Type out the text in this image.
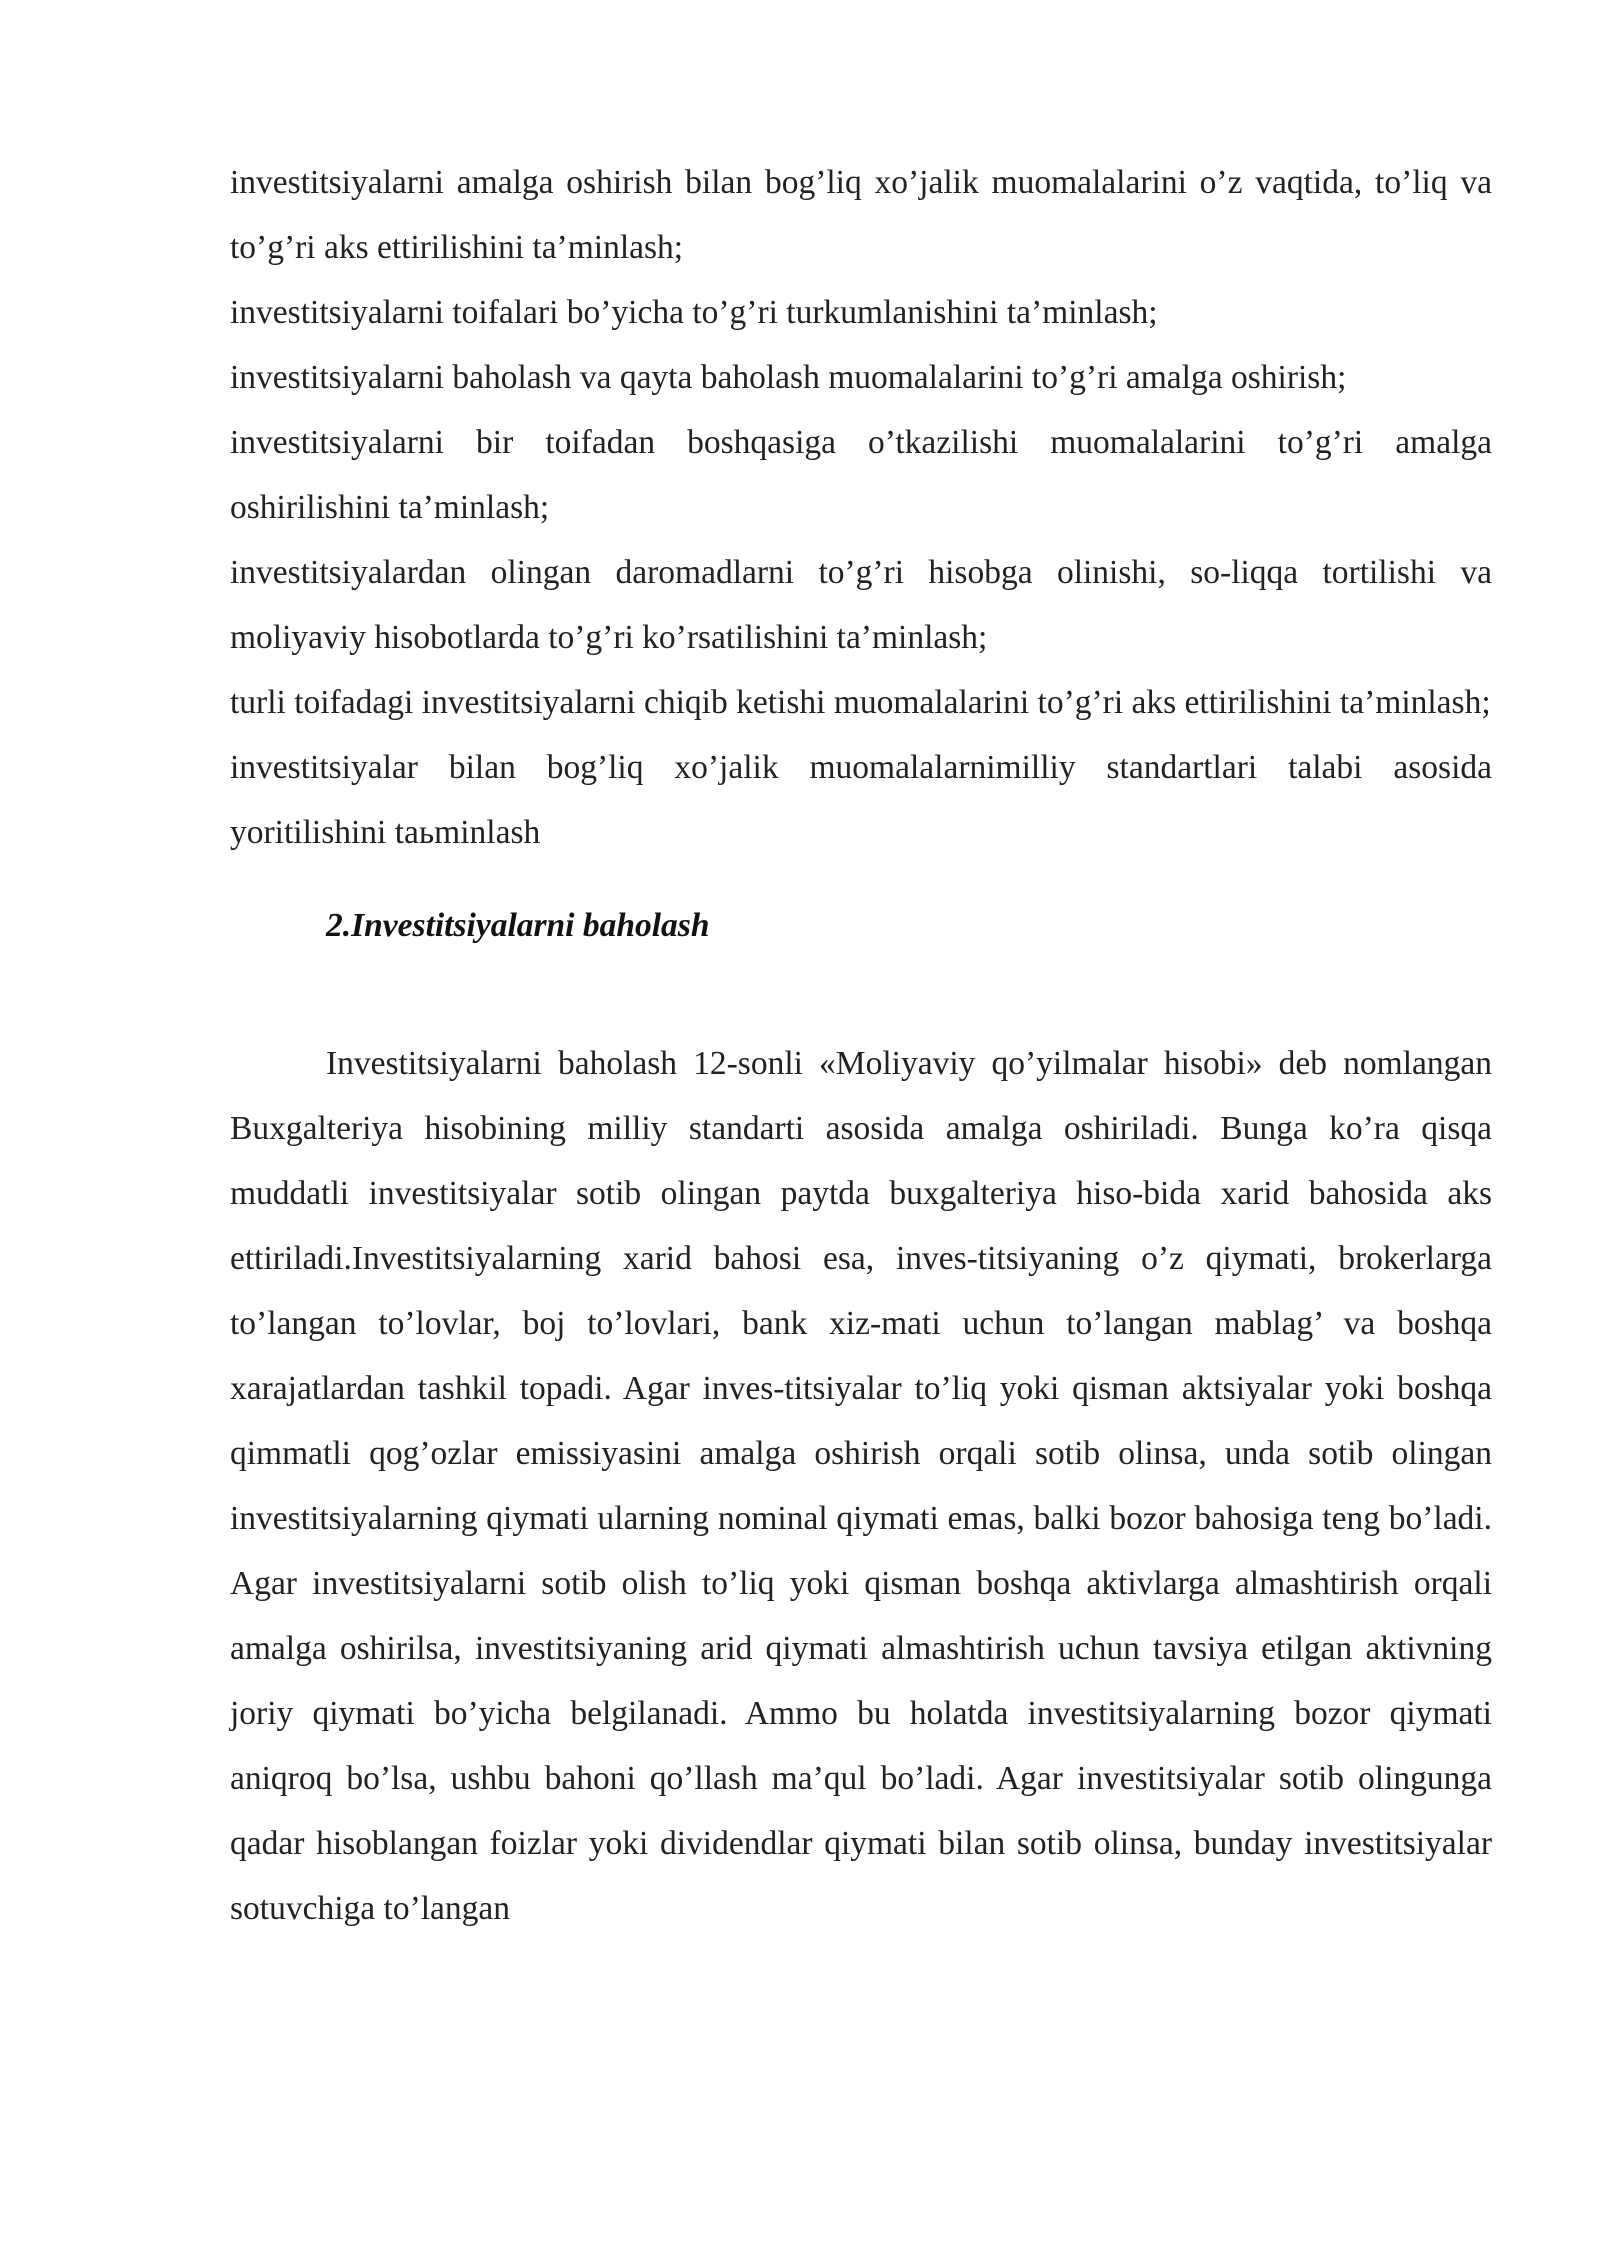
investitsiyalarni amalga oshirish bilan bog’liq xo’jalik muomalalarini o’z vaqtida, to’liq va to’g’ri aks ettirilishini ta’minlash;

investitsiyalarni toifalari bo’yicha to’g’ri turkumlanishini ta’minlash;

investitsiyalarni baholash va qayta baholash muomalalarini to’g’ri amalga oshirish;

investitsiyalarni bir toifadan boshqasiga o’tkazilishi muomalalarini to’g’ri amalga oshirilishini ta’minlash;

investitsiyalardan olingan daromadlarni to’g’ri hisobga olinishi, so-liqqa tortilishi va moliyaviy hisobotlarda to’g’ri ko’rsatilishini ta’minlash;

turli toifadagi investitsiyalarni chiqib ketishi muomalalarini to’g’ri aks ettirilishini ta’minlash;

investitsiyalar bilan bog’liq xo’jalik muomalalarnimilliy standartlari talabi asosida yoritilishini taьminlash

2.Investitsiyalarni baholash

Investitsiyalarni baholash 12-sonli «Moliyaviy qo’yilmalar hisobi» deb nomlangan Buxgalteriya hisobining milliy standarti asosida amalga oshiriladi. Bunga ko’ra qisqa muddatli investitsiyalar sotib olingan paytda buxgalteriya hiso-bida xarid bahosida aks ettiriladi.Investitsiyalarning xarid bahosi esa, inves-titsiyaning o’z qiymati, brokerlarga to’langan to’lovlar, boj to’lovlari, bank xiz-mati uchun to’langan mablag’ va boshqa xarajatlardan tashkil topadi. Agar inves-titsiyalar to’liq yoki qisman aktsiyalar yoki boshqa qimmatli qog’ozlar emissiyasini amalga oshirish orqali sotib olinsa, unda sotib olingan investitsiyalarning qiymati ularning nominal qiymati emas, balki bozor bahosiga teng bo’ladi. Agar investitsiyalarni sotib olish to’liq yoki qisman boshqa aktivlarga almashtirish orqali amalga oshirilsa, investitsiyaning arid qiymati almashtirish uchun tavsiya etilgan aktivning joriy qiymati bo’yicha belgilanadi. Ammo bu holatda investitsiyalarning bozor qiymati aniqroq bo’lsa, ushbu bahoni qo’llash ma’qul bo’ladi. Agar investitsiyalar sotib olingunga qadar hisoblangan foizlar yoki dividendlar qiymati bilan sotib olinsa, bunday investitsiyalar sotuvchiga to’langan
